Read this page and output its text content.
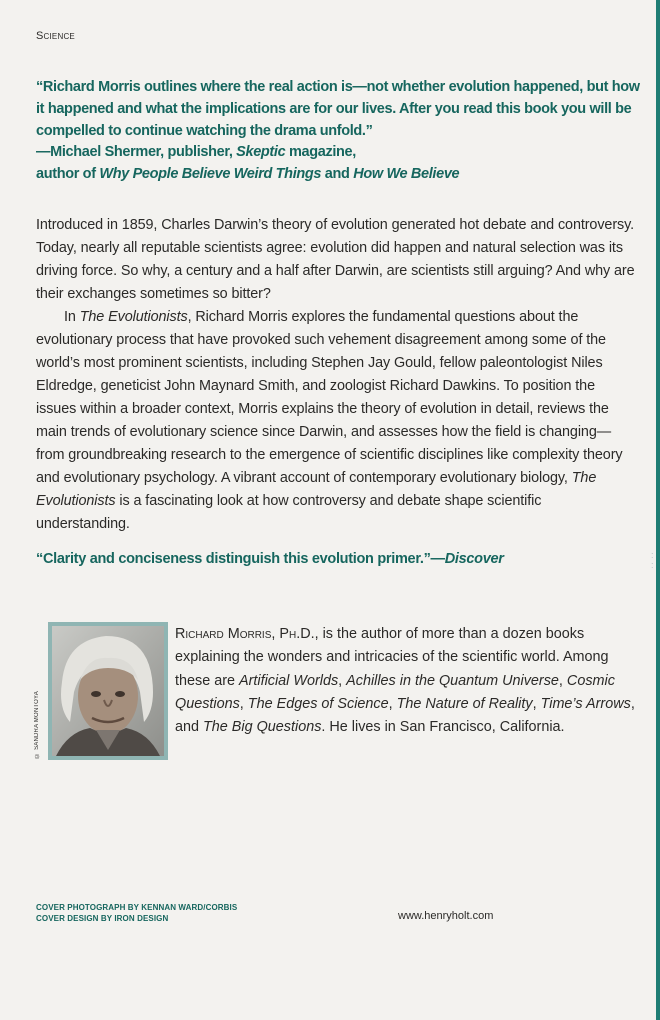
:
:
Science

“Richard Morris outlines where the real action is—not whether evolution happened, but how it happened and what the implications are for our lives. After you read this book you will be compelled to continue watching the drama unfold.”

—Michael Shermer, publisher, Skeptic magazine,

author of Why People Believe Weird Things and How We Believe

Introduced in 1859, Charles Darwin’s theory of evolution generated hot debate and controversy. Today, nearly all reputable scientists agree: evolution did happen and natural selection was its driving force. So why, a century and a half after Darwin, are scientists still arguing? And why are their exchanges sometimes so bitter?

In The Evolutionists, Richard Morris explores the fundamental questions about the evolutionary process that have provoked such vehement disagreement among some of the world’s most prominent scientists, including Stephen Jay Gould, fellow paleontologist Niles Eldredge, geneticist John Maynard Smith, and zoologist Richard Dawkins. To position the issues within a broader context, Morris explains the theory of evolution in detail, reviews the main trends of evolutionary science since Darwin, and assesses how the field is changing—from groundbreaking research to the emergence of scientific disciplines like complexity theory and evolutionary psychology. A vibrant account of contemporary evolutionary biology, The Evolutionists is a fascinating look at how controversy and debate shape scientific understanding.

“Clarity and conciseness distinguish this evolution primer.”—Discover
© SANDRA MONTOYA
Richard Morris, Ph.D., is the author of more than a dozen books explaining the wonders and intricacies of the scientific world. Among these are Artificial Worlds, Achilles in the Quantum Universe, Cosmic Questions, The Edges of Science, The Nature of Reality, Time’s Arrows, and The Big Questions. He lives in San Francisco, California.
COVER PHOTOGRAPH BY KENNAN WARD/CORBIS
COVER DESIGN BY IRON DESIGN	www.henryholt.com
